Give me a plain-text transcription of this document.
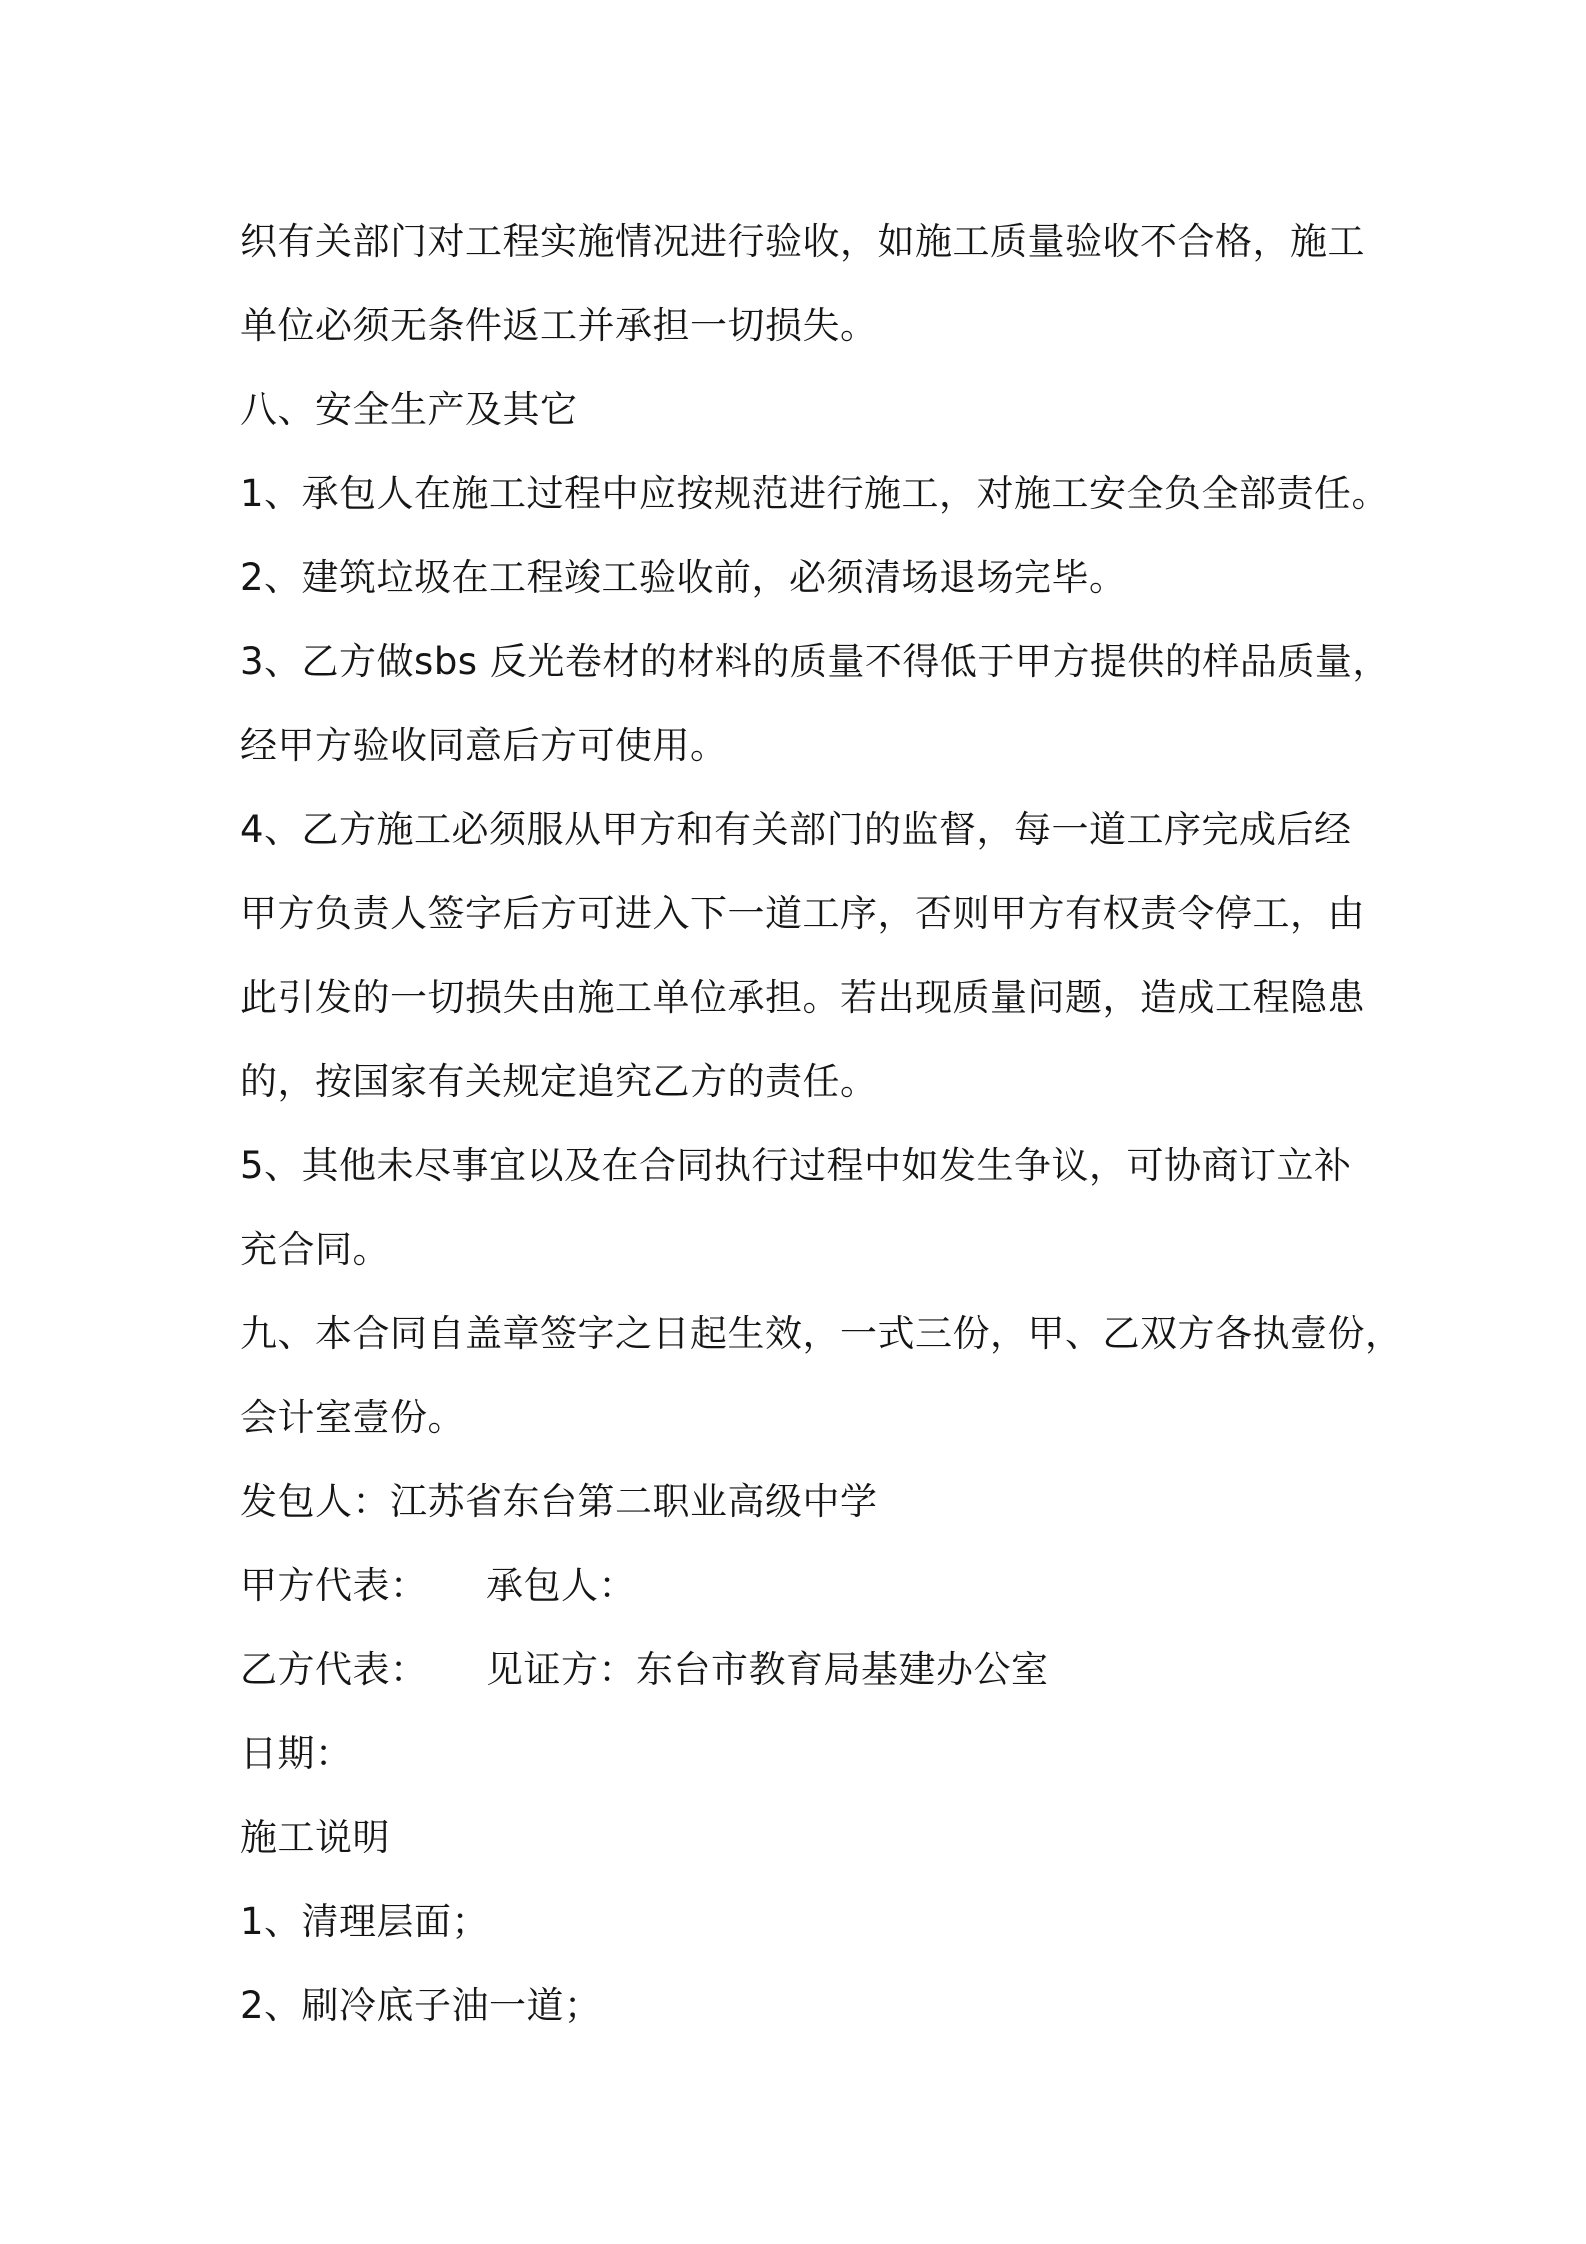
织有关部门对工程实施情况进行验收，如施工质量验收不合格，施工
单位必须无条件返工并承担一切损失。
八、安全生产及其它
1、承包人在施工过程中应按规范进行施工，对施工安全负全部责任。
2、建筑垃圾在工程竣工验收前，必须清场退场完毕。
3、乙方做sbs 反光卷材的材料的质量不得低于甲方提供的样品质量，
经甲方验收同意后方可使用。
4、乙方施工必须服从甲方和有关部门的监督，每一道工序完成后经
甲方负责人签字后方可进入下一道工序，否则甲方有权责令停工，由
此引发的一切损失由施工单位承担。若出现质量问题，造成工程隐患
的，按国家有关规定追究乙方的责任。
5、其他未尽事宜以及在合同执行过程中如发生争议，可协商订立补
充合同。
九、本合同自盖章签字之日起生效，一式三份，甲、乙双方各执壹份，
会计室壹份。
发包人：江苏省东台第二职业高级中学
甲方代表：	承包人：
乙方代表：	见证方：东台市教育局基建办公室
日期：
施工说明
1、清理层面；
2、刷冷底子油一道；
